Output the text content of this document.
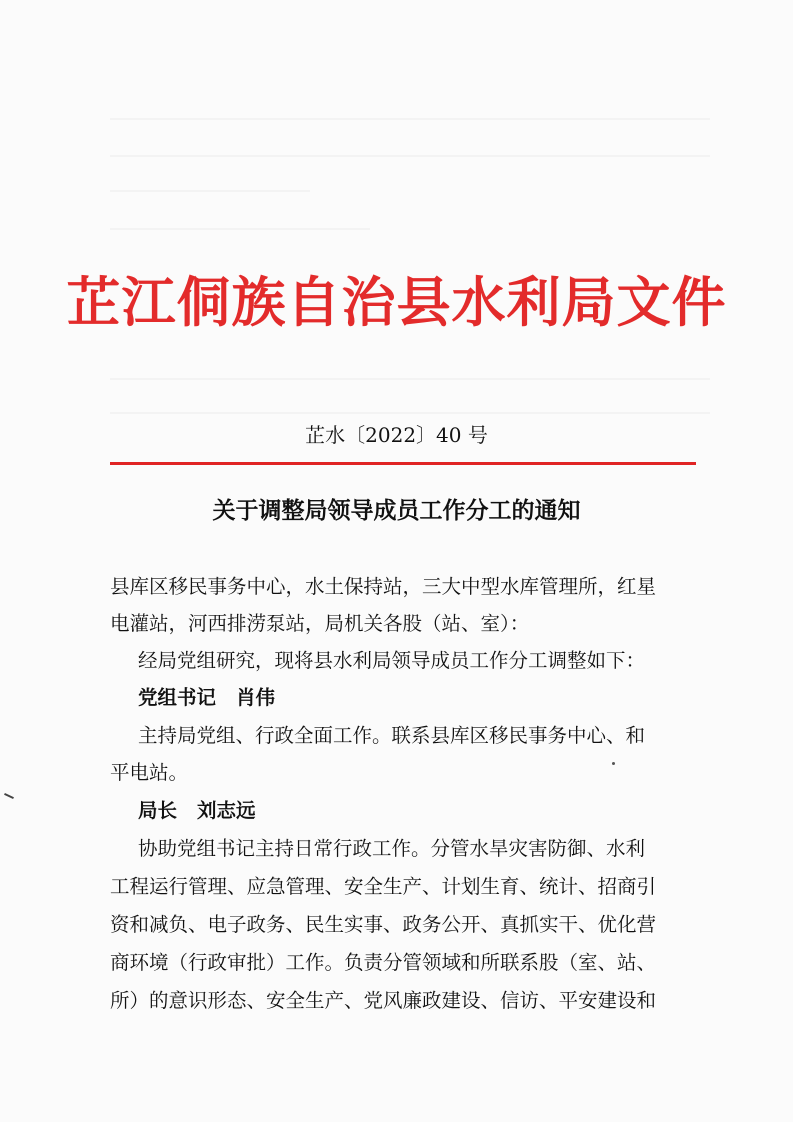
芷江侗族自治县水利局文件
芷水〔2022〕40 号
关于调整局领导成员工作分工的通知
县库区移民事务中心，水土保持站，三大中型水库管理所，红星
电灌站，河西排涝泵站，局机关各股（站、室）：
经局党组研究，现将县水利局领导成员工作分工调整如下：
党组书记 肖伟
主持局党组、行政全面工作。联系县库区移民事务中心、和
平电站。
局长 刘志远
协助党组书记主持日常行政工作。分管水旱灾害防御、水利
工程运行管理、应急管理、安全生产、计划生育、统计、招商引
资和减负、电子政务、民生实事、政务公开、真抓实干、优化营
商环境（行政审批）工作。负责分管领域和所联系股（室、站、
所）的意识形态、安全生产、党风廉政建设、信访、平安建设和
